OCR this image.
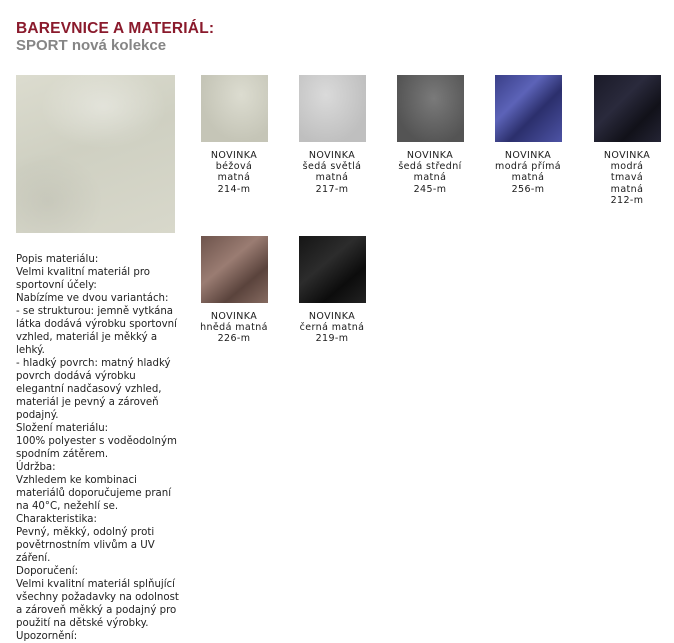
BAREVNICE A MATERIÁL:
SPORT nová kolekce

Popis materiálu:

Velmi kvalitní materiál pro sportovní účely:

Nabízíme ve dvou variantách:

- se strukturou: jemně vytkána látka dodává výrobku sportovní vzhled, materiál je měkký a lehký.

- hladký povrch: matný hladký povrch dodává výrobku elegantní nadčasový vzhled, materiál je pevný a zároveň podajný.

Složení materiálu:

100% polyester s voděodolným spodním zátěrem.

Údržba:

Vzhledem ke kombinaci materiálů doporučujeme praní na 40°C, nežehlí se.

Charakteristika:

Pevný, měkký, odolný proti povětrnostním vlivům a UV záření.

Doporučení:

Velmi kvalitní materiál splňující všechny požadavky na odolnost a zároveň měkký a podajný pro použití na dětské výrobky.

Upozornění:

NOVINKA
béžová matná
214-m
NOVINKA
šedá světlá matná
217-m
NOVINKA
šedá střední matná
245-m
NOVINKA
modrá přímá matná
256-m
NOVINKA
modrá tmavá matná
212-m
NOVINKA
hnědá matná
226-m
NOVINKA
černá matná
219-m
